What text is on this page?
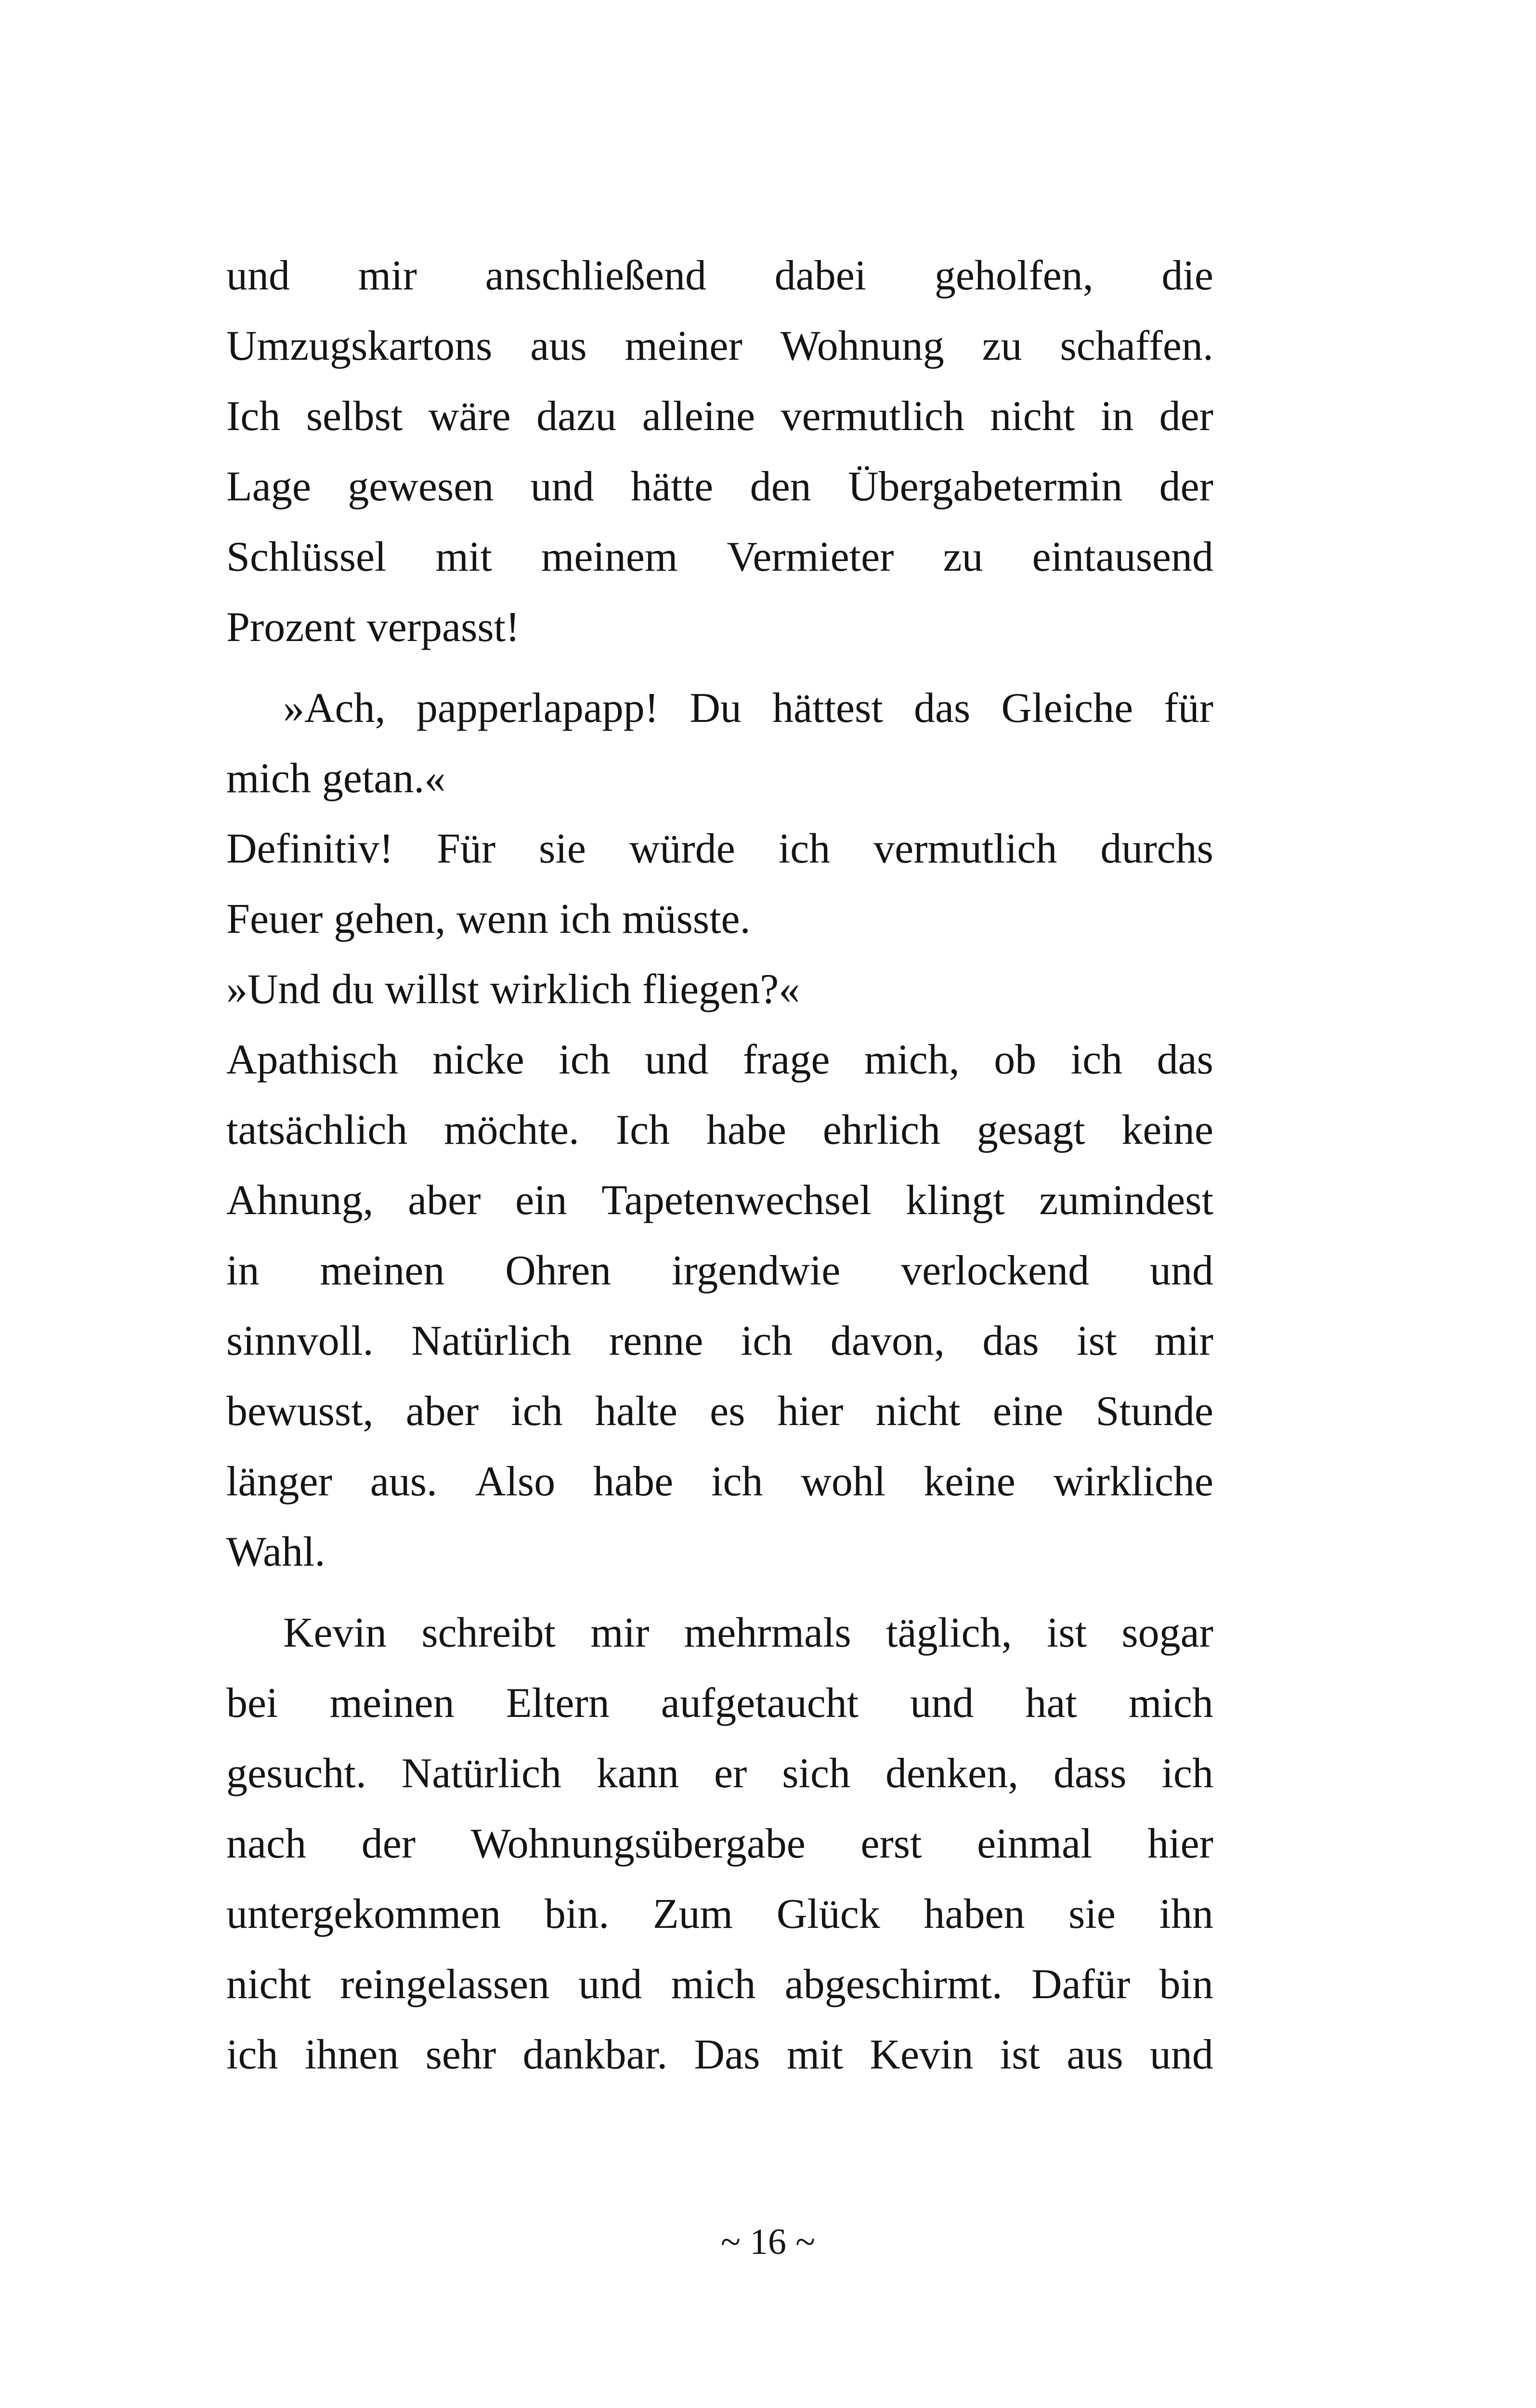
und mir anschließend dabei geholfen, die
Umzugskartons aus meiner Wohnung zu schaffen.
Ich selbst wäre dazu alleine vermutlich nicht in der
Lage gewesen und hätte den Übergabetermin der
Schlüssel mit meinem Vermieter zu eintausend
Prozent verpasst!
»Ach, papperlapapp! Du hättest das Gleiche für
mich getan.«
Definitiv! Für sie würde ich vermutlich durchs
Feuer gehen, wenn ich müsste.
»Und du willst wirklich fliegen?«
Apathisch nicke ich und frage mich, ob ich das
tatsächlich möchte. Ich habe ehrlich gesagt keine
Ahnung, aber ein Tapetenwechsel klingt zumindest
in meinen Ohren irgendwie verlockend und
sinnvoll. Natürlich renne ich davon, das ist mir
bewusst, aber ich halte es hier nicht eine Stunde
länger aus. Also habe ich wohl keine wirkliche
Wahl.
Kevin schreibt mir mehrmals täglich, ist sogar
bei meinen Eltern aufgetaucht und hat mich
gesucht. Natürlich kann er sich denken, dass ich
nach der Wohnungsübergabe erst einmal hier
untergekommen bin. Zum Glück haben sie ihn
nicht reingelassen und mich abgeschirmt. Dafür bin
ich ihnen sehr dankbar. Das mit Kevin ist aus und
~ 16 ~
